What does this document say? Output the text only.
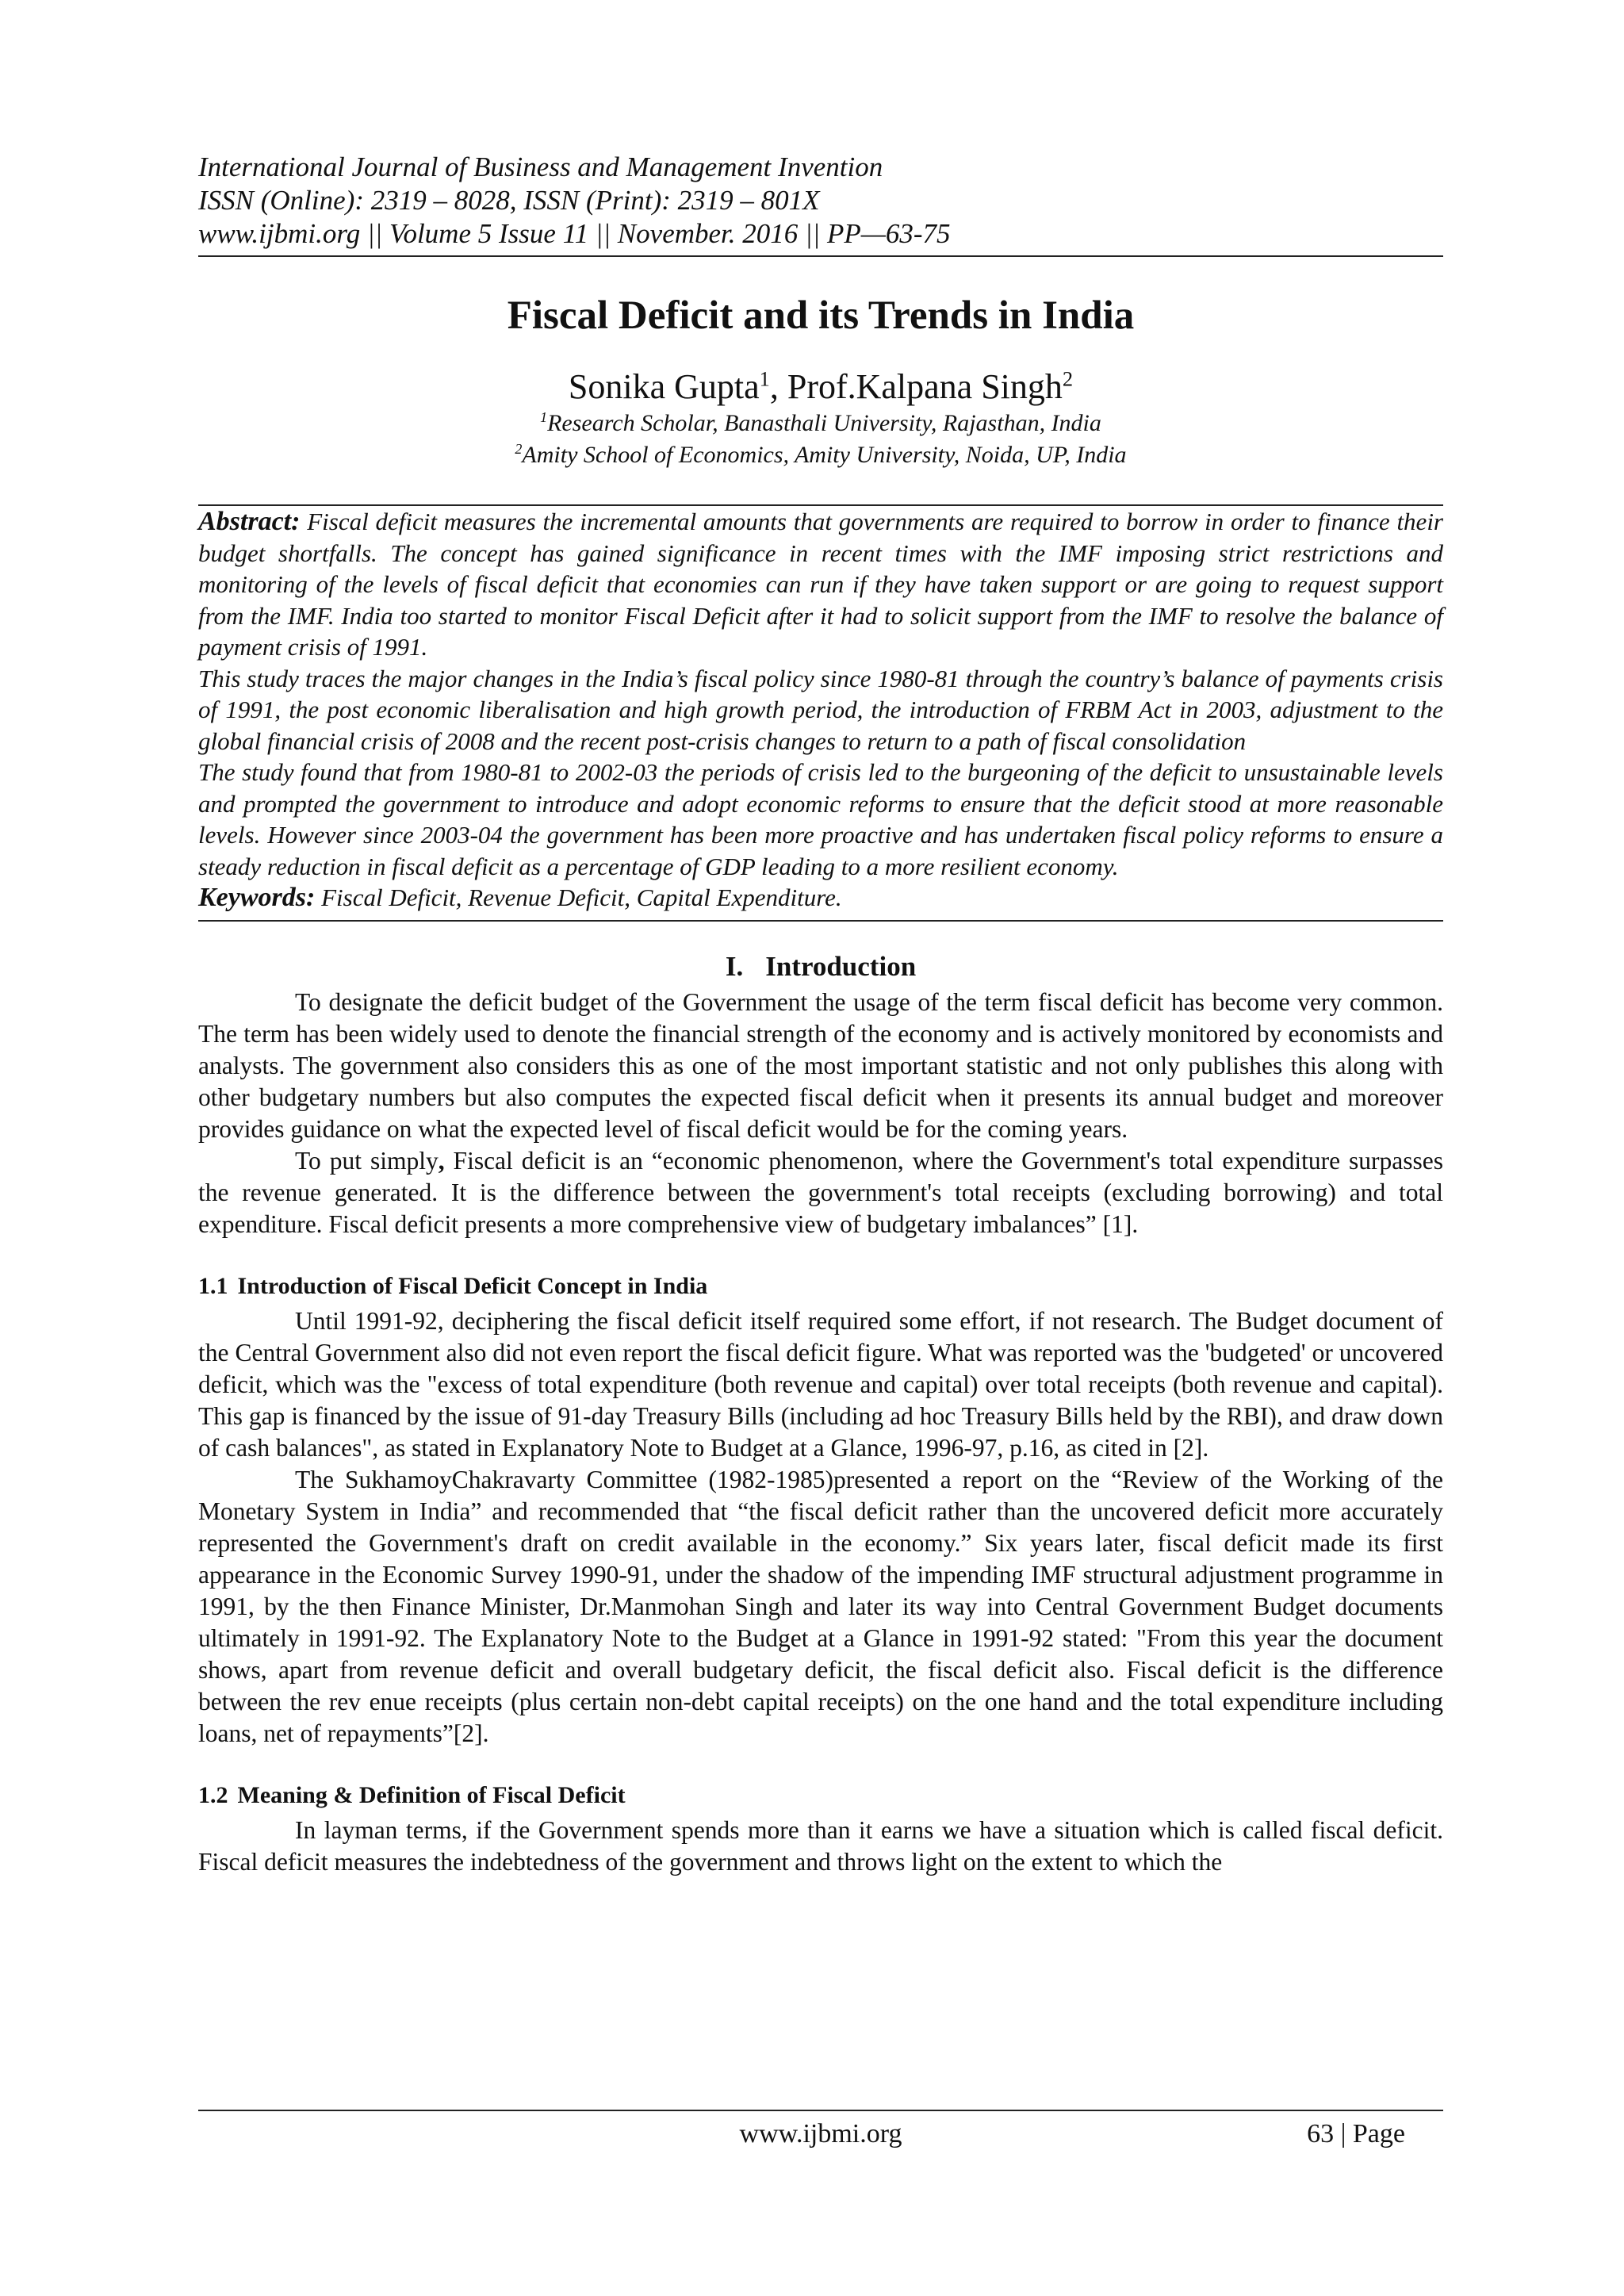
International Journal of Business and Management Invention
ISSN (Online): 2319 – 8028, ISSN (Print): 2319 – 801X
www.ijbmi.org || Volume 5 Issue 11 || November. 2016 || PP—63-75
Fiscal Deficit and its Trends in India
Sonika Gupta$^1$, Prof.Kalpana Singh$^2$
$^1$Research Scholar, Banasthali University, Rajasthan, India
$^2$Amity School of Economics, Amity University, Noida, UP, India

Abstract: Fiscal deficit measures the incremental amounts that governments are required to borrow in order to finance their budget shortfalls. The concept has gained significance in recent times with the IMF imposing strict restrictions and monitoring of the levels of fiscal deficit that economies can run if they have taken support or are going to request support from the IMF. India too started to monitor Fiscal Deficit after it had to solicit support from the IMF to resolve the balance of payment crisis of 1991.

This study traces the major changes in the India’s fiscal policy since 1980-81 through the country’s balance of payments crisis of 1991, the post economic liberalisation and high growth period, the introduction of FRBM Act in 2003, adjustment to the global financial crisis of 2008 and the recent post-crisis changes to return to a path of fiscal consolidation

The study found that from 1980-81 to 2002-03 the periods of crisis led to the burgeoning of the deficit to unsustainable levels and prompted the government to introduce and adopt economic reforms to ensure that the deficit stood at more reasonable levels. However since 2003-04 the government has been more proactive and has undertaken fiscal policy reforms to ensure a steady reduction in fiscal deficit as a percentage of GDP leading to a more resilient economy.

Keywords: Fiscal Deficit, Revenue Deficit, Capital Expenditure.

I. Introduction

To designate the deficit budget of the Government the usage of the term fiscal deficit has become very common. The term has been widely used to denote the financial strength of the economy and is actively monitored by economists and analysts. The government also considers this as one of the most important statistic and not only publishes this along with other budgetary numbers but also computes the expected fiscal deficit when it presents its annual budget and moreover provides guidance on what the expected level of fiscal deficit would be for the coming years.

To put simply, Fiscal deficit is an “economic phenomenon, where the Government's total expenditure surpasses the revenue generated. It is the difference between the government's total receipts (excluding borrowing) and total expenditure. Fiscal deficit presents a more comprehensive view of budgetary imbalances” [1].

1.1 Introduction of Fiscal Deficit Concept in India

Until 1991-92, deciphering the fiscal deficit itself required some effort, if not research. The Budget document of the Central Government also did not even report the fiscal deficit figure. What was reported was the 'budgeted' or uncovered deficit, which was the "excess of total expenditure (both revenue and capital) over total receipts (both revenue and capital). This gap is financed by the issue of 91-day Treasury Bills (including ad hoc Treasury Bills held by the RBI), and draw down of cash balances", as stated in Explanatory Note to Budget at a Glance, 1996-97, p.16, as cited in [2].

The SukhamoyChakravarty Committee (1982-1985)presented a report on the “Review of the Working of the Monetary System in India” and recommended that “the fiscal deficit rather than the uncovered deficit more accurately represented the Government's draft on credit available in the economy.” Six years later, fiscal deficit made its first appearance in the Economic Survey 1990-91, under the shadow of the impending IMF structural adjustment programme in 1991, by the then Finance Minister, Dr.Manmohan Singh and later its way into Central Government Budget documents ultimately in 1991-92. The Explanatory Note to the Budget at a Glance in 1991-92 stated: "From this year the document shows, apart from revenue deficit and overall budgetary deficit, the fiscal deficit also. Fiscal deficit is the difference between the rev enue receipts (plus certain non-debt capital receipts) on the one hand and the total expenditure including loans, net of repayments”[2].

1.2 Meaning & Definition of Fiscal Deficit

In layman terms, if the Government spends more than it earns we have a situation which is called fiscal deficit. Fiscal deficit measures the indebtedness of the government and throws light on the extent to which the

www.ijbmi.org	63 | Page
